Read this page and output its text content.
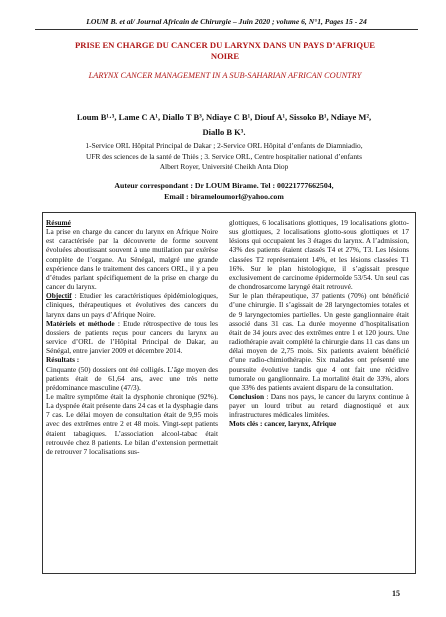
LOUM B. et al/ Journal Africain de Chirurgie – Juin 2020 ; volume 6, N°1, Pages 15 - 24
PRISE EN CHARGE DU CANCER DU LARYNX DANS UN PAYS D’AFRIQUE
NOIRE
LARYNX CANCER MANAGEMENT IN A SUB-SAHARIAN AFRICAN COUNTRY
Loum B¹·³, Lame C A¹, Diallo T B³, Ndiaye C B¹, Diouf A¹, Sissoko B¹, Ndiaye M²,
Diallo B K³.
1-Service ORL Hôpital Principal de Dakar ; 2-Service ORL Hôpital d’enfants de Diamniadio,
UFR des sciences de la santé de Thiès ; 3. Service ORL, Centre hospitalier national d’enfants
Albert Royer, Université Cheikh Anta Diop
Auteur correspondant : Dr LOUM Birame. Tel : 00221777662504,
Email : birameloumorl@yahoo.com

Résumé

La prise en charge du cancer du larynx en Afrique Noire est caractérisée par la découverte de forme souvent évoluées aboutissant souvent à une mutilation par exérèse complète de l’organe. Au Sénégal, malgré une grande expérience dans le traitement des cancers ORL, il y a peu d’études parlant spécifiquement de la prise en charge du cancer du larynx.

Objectif : Etudier les caractéristiques épidémiologiques, cliniques, thérapeutiques et évolutives des cancers du larynx dans un pays d’Afrique Noire.

Matériels et méthode : Etude rétrospective de tous les dossiers de patients reçus pour cancers du larynx au service d’ORL de l’Hôpital Principal de Dakar, au Sénégal, entre janvier 2009 et décembre 2014.

Résultats :

Cinquante (50) dossiers ont été colligés. L’âge moyen des patients était de 61,64 ans, avec une très nette prédominance masculine (47/3).

Le maître symptôme était la dysphonie chronique (92%). La dyspnée était présente dans 24 cas et la dysphagie dans 7 cas. Le délai moyen de consultation était de 9,95 mois avec des extrêmes entre 2 et 48 mois. Vingt-sept patients étaient tabagiques. L’association alcool-tabac était retrouvée chez 8 patients. Le bilan d’extension permettait de retrouver 7 localisations sus-

glottiques, 6 localisations glottiques, 19 localisations glotto-sus glottiques, 2 localisations glotto-sous glottiques et 17 lésions qui occupaient les 3 étages du larynx. A l’admission, 43% des patients étaient classés T4 et 27%, T3. Les lésions classées T2 représentaient 14%, et les lésions classées T1 16%. Sur le plan histologique, il s’agissait presque exclusivement de carcinome épidermoïde 53/54. Un seul cas de chondrosarcome laryngé était retrouvé.

Sur le plan thérapeutique, 37 patients (70%) ont bénéficié d’une chirurgie. Il s’agissait de 28 laryngectomies totales et de 9 laryngectomies partielles. Un geste ganglionnaire était associé dans 31 cas. La durée moyenne d’hospitalisation était de 34 jours avec des extrêmes entre 1 et 120 jours. Une radiothérapie avait complété la chirurgie dans 11 cas dans un délai moyen de 2,75 mois. Six patients avaient bénéficié d’une radio-chimiothérapie. Six malades ont présenté une poursuite évolutive tandis que 4 ont fait une récidive tumorale ou ganglionnaire. La mortalité était de 33%, alors que 33% des patients avaient disparu de la consultation.

Conclusion : Dans nos pays, le cancer du larynx continue à payer un lourd tribut au retard diagnostiqué et aux infrastructures médicales limitées.

Mots clés : cancer, larynx, Afrique

15
